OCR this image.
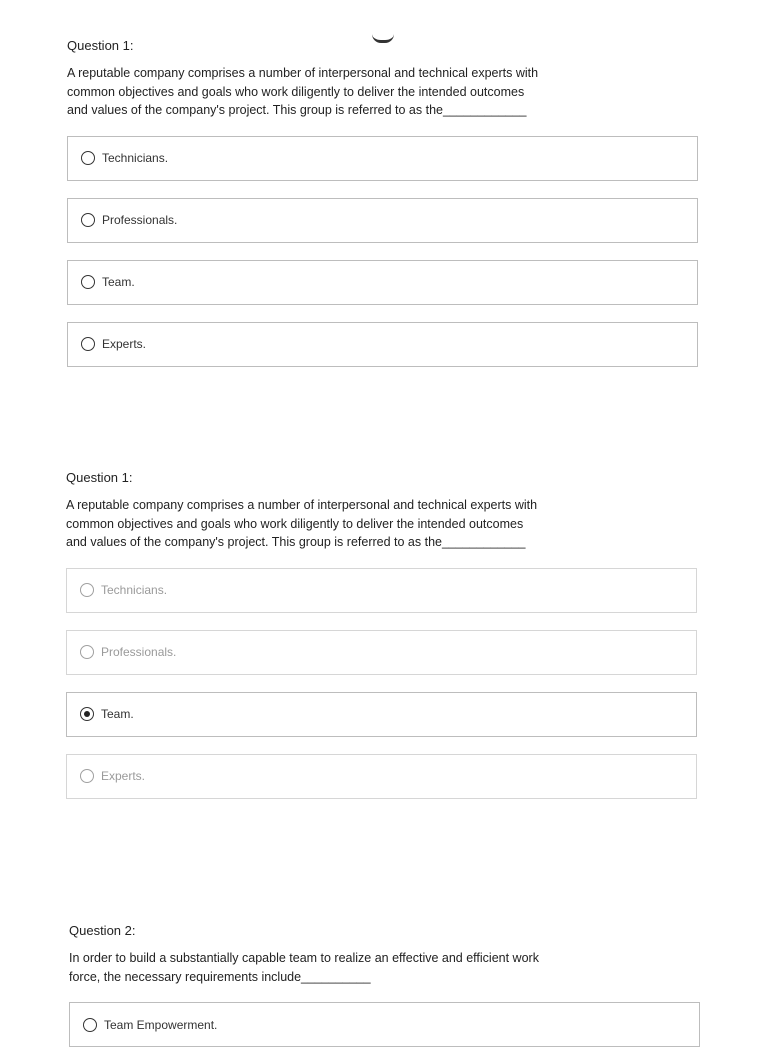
Question 1:
A reputable company comprises a number of interpersonal and technical experts with common objectives and goals who work diligently to deliver the intended outcomes and values of the company's project. This group is referred to as the____________
Technicians.
Professionals.
Team.
Experts.
Question 1:
A reputable company comprises a number of interpersonal and technical experts with common objectives and goals who work diligently to deliver the intended outcomes and values of the company's project. This group is referred to as the____________
Technicians.
Professionals.
Team.
Experts.
Question 2:
In order to build a substantially capable team to realize an effective and efficient work force, the necessary requirements include__________
Team Empowerment.
